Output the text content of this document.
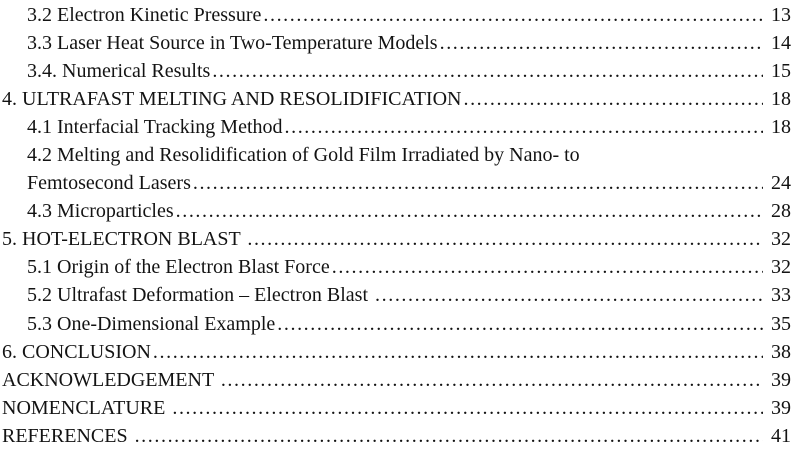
3.2 Electron Kinetic Pressure .....	13
3.3 Laser Heat Source in Two-Temperature Models .....	14
3.4. Numerical Results .....	15
4. ULTRAFAST MELTING AND RESOLIDIFICATION .....	18
4.1 Interfacial Tracking Method .....	18
4.2 Melting and Resolidification of Gold Film Irradiated by Nano- to
Femtosecond Lasers .....	24
4.3 Microparticles .....	28
5. HOT-ELECTRON BLAST .....	32
5.1 Origin of the Electron Blast Force .....	32
5.2 Ultrafast Deformation – Electron Blast .....	33
5.3 One-Dimensional Example .....	35
6. CONCLUSION .....	38
ACKNOWLEDGEMENT .....	39
NOMENCLATURE .....	39
REFERENCES .....	41
